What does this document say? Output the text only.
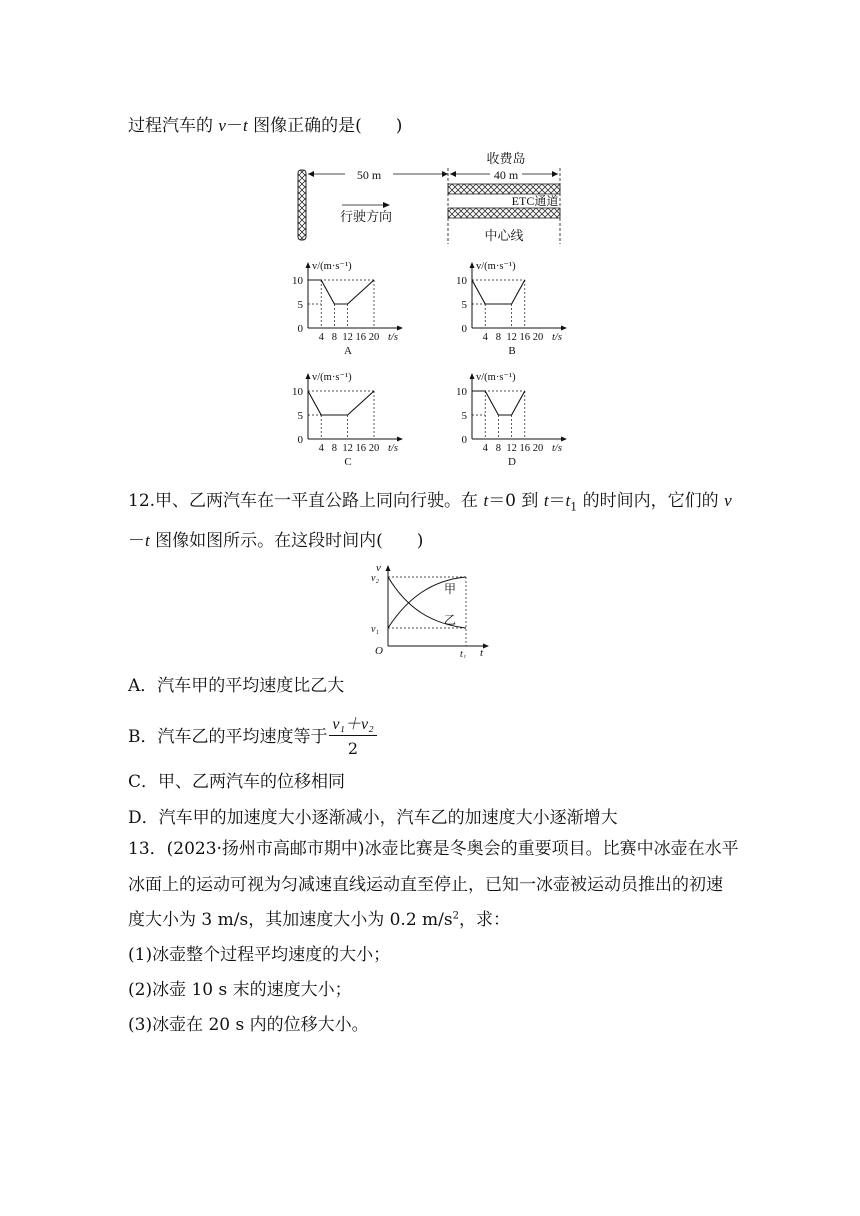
过程汽车的 v－t 图像正确的是(　　)
50 m
行驶方向
收费岛
40 m
ETC通道
中心线
10
5
0
4 8 12 16 20
v/(m·s⁻¹)
t/s
A
10
5
0
4 8 12 16 20
v/(m·s⁻¹)
t/s
B
10
5
0
4 8 12 16 20
v/(m·s⁻¹)
t/s
C
10
5
0
4 8 12 16 20
v/(m·s⁻¹)
t/s
D
12.甲、乙两汽车在一平直公路上同向行驶。在 t＝0 到 $t=t_1$ 的时间内，它们的 v
－t 图像如图所示。在这段时间内(　　)
v
v₂
v₁
O	t₁ t
甲
乙
A．汽车甲的平均速度比乙大
B．汽车乙的平均速度等于 $\frac{\text{v₁＋v₂}}{2}$
C．甲、乙两汽车的位移相同
D．汽车甲的加速度大小逐渐减小，汽车乙的加速度大小逐渐增大
13．(2023·扬州市高邮市期中)冰壶比赛是冬奥会的重要项目。比赛中冰壶在水平
冰面上的运动可视为匀减速直线运动直至停止，已知一冰壶被运动员推出的初速
度大小为 3 m/s，其加速度大小为 0.2 $m/s^2$，求：
(1)冰壶整个过程平均速度的大小；
(2)冰壶 10 s 末的速度大小；
(3)冰壶在 20 s 内的位移大小。
